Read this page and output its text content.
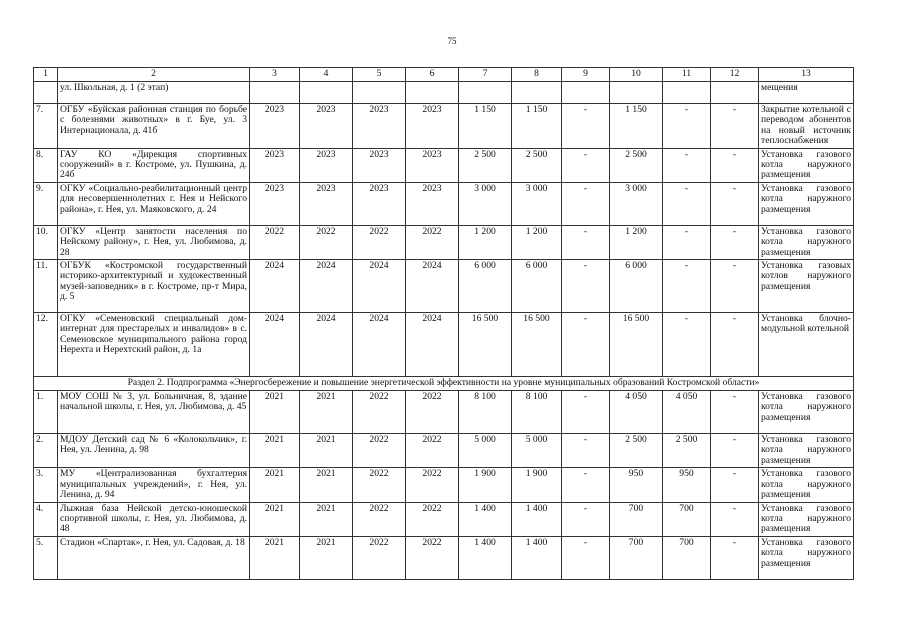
75
1	2	3	4	5	6	7	8	9	10	11	12	13
	ул. Школьная, д. 1 (2 этап)											мещения
7.	ОГБУ «Буйская районная станция по борьбе с болезнями животных» в г. Буе, ул. 3 Интернационала, д. 41б	2023	2023	2023	2023	1 150	1 150	-	1 150	-	-	Закрытие котельной с переводом абонентов на новый источник теплоснабжения
8.	ГАУ КО «Дирекция спортивных сооружений» в г. Костроме, ул. Пушкина, д. 24б	2023	2023	2023	2023	2 500	2 500	-	2 500	-	-	Установка газового котла наружного размещения
9.	ОГКУ «Социально-реабилитационный центр для несовершеннолетних г. Нея и Нейского района», г. Нея, ул. Маяковского, д. 24	2023	2023	2023	2023	3 000	3 000	-	3 000	-	-	Установка газового котла наружного размещения
10.	ОГКУ «Центр занятости населения по Нейскому району», г. Нея, ул. Любимова, д. 28	2022	2022	2022	2022	1 200	1 200	-	1 200	-	-	Установка газового котла наружного размещения
11.	ОГБУК «Костромской государственный историко-архитектурный и художественный музей-заповедник» в г. Костроме, пр-т Мира, д. 5	2024	2024	2024	2024	6 000	6 000	-	6 000	-	-	Установка газовых котлов наружного размещения
12.	ОГКУ «Семеновский специальный дом-интернат для престарелых и инвалидов» в с. Семеновское муниципального района город Нерехта и Нерехтский район, д. 1а	2024	2024	2024	2024	16 500	16 500	-	16 500	-	-	Установка блочно-модульной котельной
Раздел 2. Подпрограмма «Энергосбережение и повышение энергетической эффективности на уровне муниципальных образований Костромской области»												
1.	МОУ СОШ № 3, ул. Больничная, 8, здание начальной школы, г. Нея, ул. Любимова, д. 45	2021	2021	2022	2022	8 100	8 100	-	4 050	4 050	-	Установка газового котла наружного размещения
2.	МДОУ Детский сад № 6 «Колокольчик», г. Нея, ул. Ленина, д. 98	2021	2021	2022	2022	5 000	5 000	-	2 500	2 500	-	Установка газового котла наружного размещения
3.	МУ «Централизованная бухгалтерия муниципальных учреждений», г. Нея, ул. Ленина, д. 94	2021	2021	2022	2022	1 900	1 900	-	950	950	-	Установка газового котла наружного размещения
4.	Лыжная база Нейской детско-юношеской спортивной школы, г. Нея, ул. Любимова, д. 48	2021	2021	2022	2022	1 400	1 400	-	700	700	-	Установка газового котла наружного размещения
5.	Стадион «Спартак», г. Нея, ул. Садовая, д. 18	2021	2021	2022	2022	1 400	1 400	-	700	700	-	Установка газового котла наружного размещения
